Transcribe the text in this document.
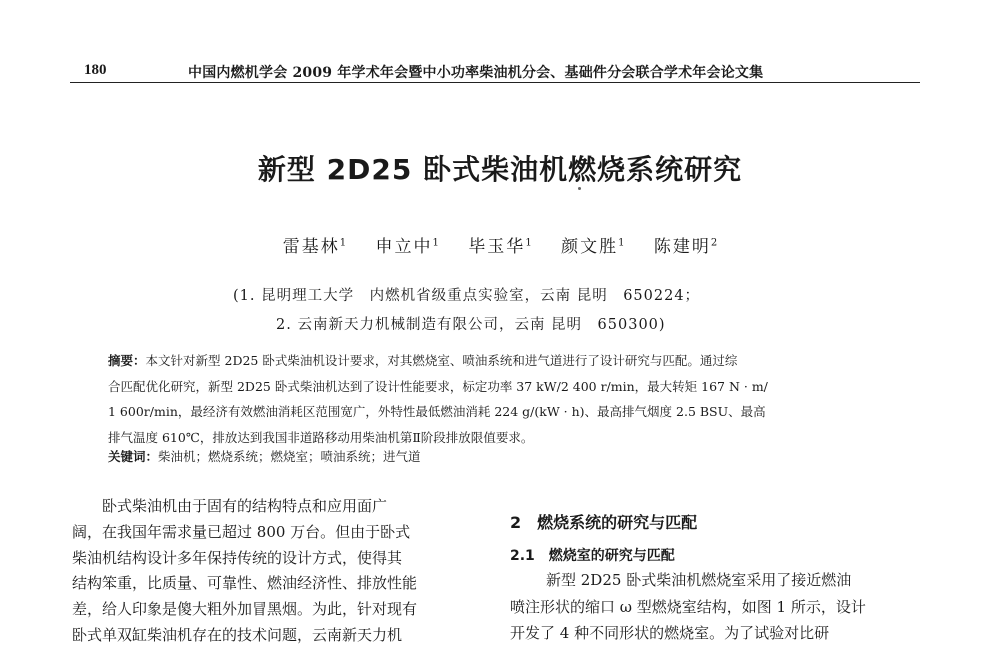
180	中国内燃机学会 2009 年学术年会暨中小功率柴油机分会、基础件分会联合学术年会论文集
新型 2D25 卧式柴油机燃烧系统研究
雷基林$^1$ 申立中$^1$ 毕玉华$^1$ 颜文胜$^1$ 陈建明$^2$
(1. 昆明理工大学　内燃机省级重点实验室，云南 昆明　650224；
2. 云南新天力机械制造有限公司，云南 昆明　650300)
摘要：本文针对新型 2D25 卧式柴油机设计要求，对其燃烧室、喷油系统和进气道进行了设计研究与匹配。通过综
合匹配优化研究，新型 2D25 卧式柴油机达到了设计性能要求，标定功率 37 kW/2 400 r/min，最大转矩 167 N · m/
1 600r/min，最经济有效燃油消耗区范围宽广，外特性最低燃油消耗 224 g/(kW · h)、最高排气烟度 2.5 BSU、最高
排气温度 610℃，排放达到我国非道路移动用柴油机第Ⅱ阶段排放限值要求。
关键词：柴油机；燃烧系统；燃烧室；喷油系统；进气道
　　卧式柴油机由于固有的结构特点和应用面广
阔，在我国年需求量已超过 800 万台。但由于卧式
柴油机结构设计多年保持传统的设计方式，使得其
结构笨重，比质量、可靠性、燃油经济性、排放性能
差，给人印象是傻大粗外加冒黑烟。为此，针对现有
卧式单双缸柴油机存在的技术问题，云南新天力机
2　燃烧系统的研究与匹配
2.1　燃烧室的研究与匹配
新型 2D25 卧式柴油机燃烧室采用了接近燃油
喷注形状的缩口 ω 型燃烧室结构，如图 1 所示，设计
开发了 4 种不同形状的燃烧室。为了试验对比研
